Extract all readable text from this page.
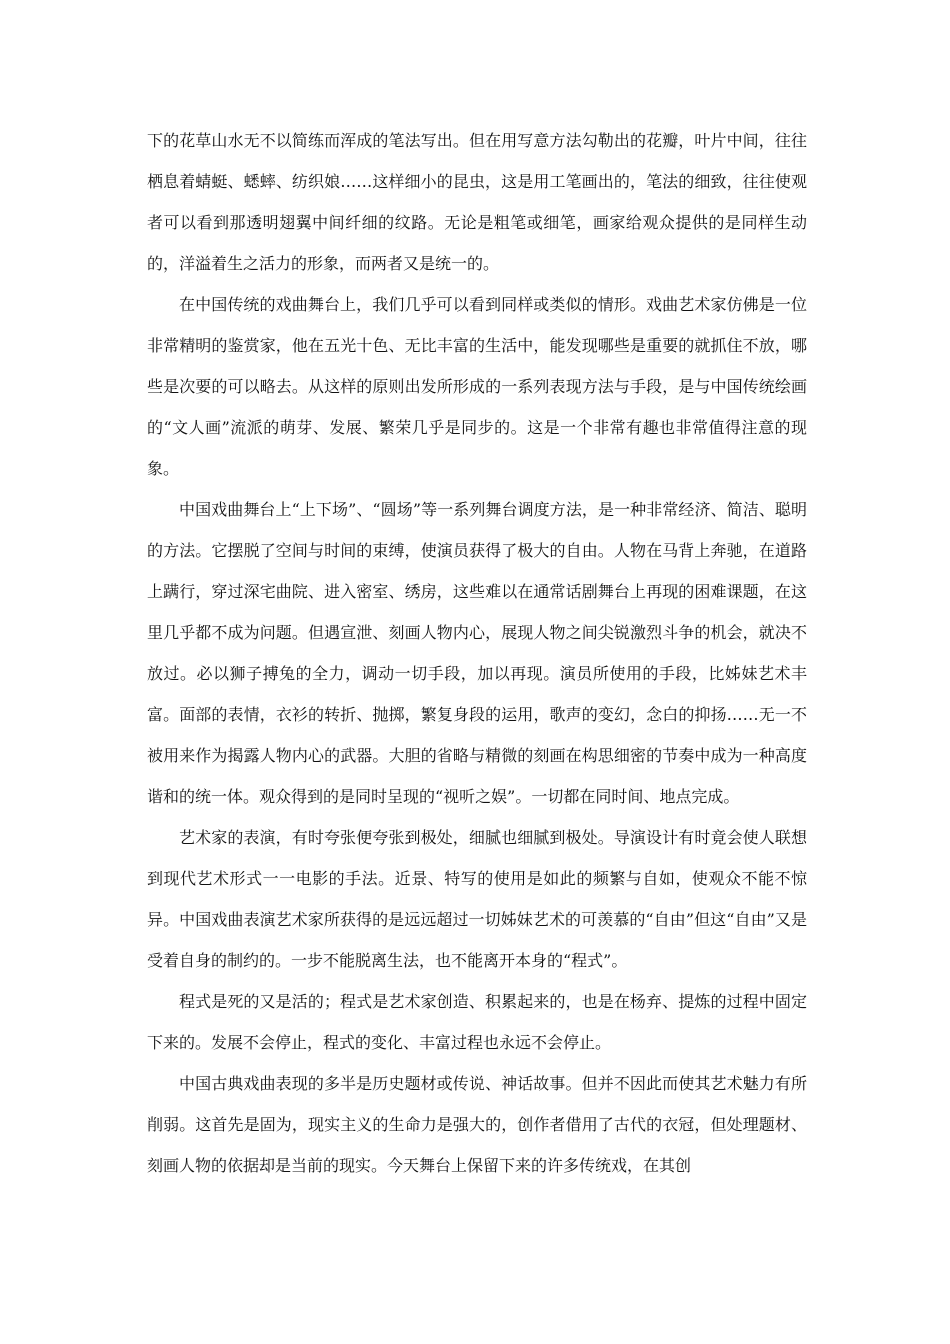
下的花草山水无不以简练而浑成的笔法写出。但在用写意方法勾勒出的花瓣，叶片中间，往往栖息着蜻蜓、蟋蟀、纺织娘……这样细小的昆虫，这是用工笔画出的，笔法的细致，往往使观者可以看到那透明翅翼中间纤细的纹路。无论是粗笔或细笔，画家给观众提供的是同样生动的，洋溢着生之活力的形象，而两者又是统一的。

在中国传统的戏曲舞台上，我们几乎可以看到同样或类似的情形。戏曲艺术家仿佛是一位非常精明的鉴赏家，他在五光十色、无比丰富的生活中，能发现哪些是重要的就抓住不放，哪些是次要的可以略去。从这样的原则出发所形成的一系列表现方法与手段，是与中国传统绘画的“文人画”流派的萌芽、发展、繁荣几乎是同步的。这是一个非常有趣也非常值得注意的现象。

中国戏曲舞台上“上下场”、“圆场”等一系列舞台调度方法，是一种非常经济、简洁、聪明的方法。它摆脱了空间与时间的束缚，使演员获得了极大的自由。人物在马背上奔驰，在道路上蹒行，穿过深宅曲院、进入密室、绣房，这些难以在通常话剧舞台上再现的困难课题，在这里几乎都不成为问题。但遇宣泄、刻画人物内心，展现人物之间尖锐激烈斗争的机会，就决不放过。必以狮子搏兔的全力，调动一切手段，加以再现。演员所使用的手段，比姊妹艺术丰富。面部的表情，衣衫的转折、抛掷，繁复身段的运用，歌声的变幻，念白的抑扬……无一不被用来作为揭露人物内心的武器。大胆的省略与精微的刻画在构思细密的节奏中成为一种高度谐和的统一体。观众得到的是同时呈现的“视听之娱”。一切都在同时间、地点完成。

艺术家的表演，有时夸张便夸张到极处，细腻也细腻到极处。导演设计有时竟会使人联想到现代艺术形式一一电影的手法。近景、特写的使用是如此的频繁与自如，使观众不能不惊异。中国戏曲表演艺术家所获得的是远远超过一切姊妹艺术的可羡慕的“自由”但这“自由”又是受着自身的制约的。一步不能脱离生法，也不能离开本身的“程式”。

程式是死的又是活的；程式是艺术家创造、积累起来的，也是在杨弃、提炼的过程中固定下来的。发展不会停止，程式的变化、丰富过程也永远不会停止。

中国古典戏曲表现的多半是历史题材或传说、神话故事。但并不因此而使其艺术魅力有所削弱。这首先是固为，现实主义的生命力是强大的，创作者借用了古代的衣冠，但处理题材、刻画人物的依据却是当前的现实。今天舞台上保留下来的许多传统戏，在其创
